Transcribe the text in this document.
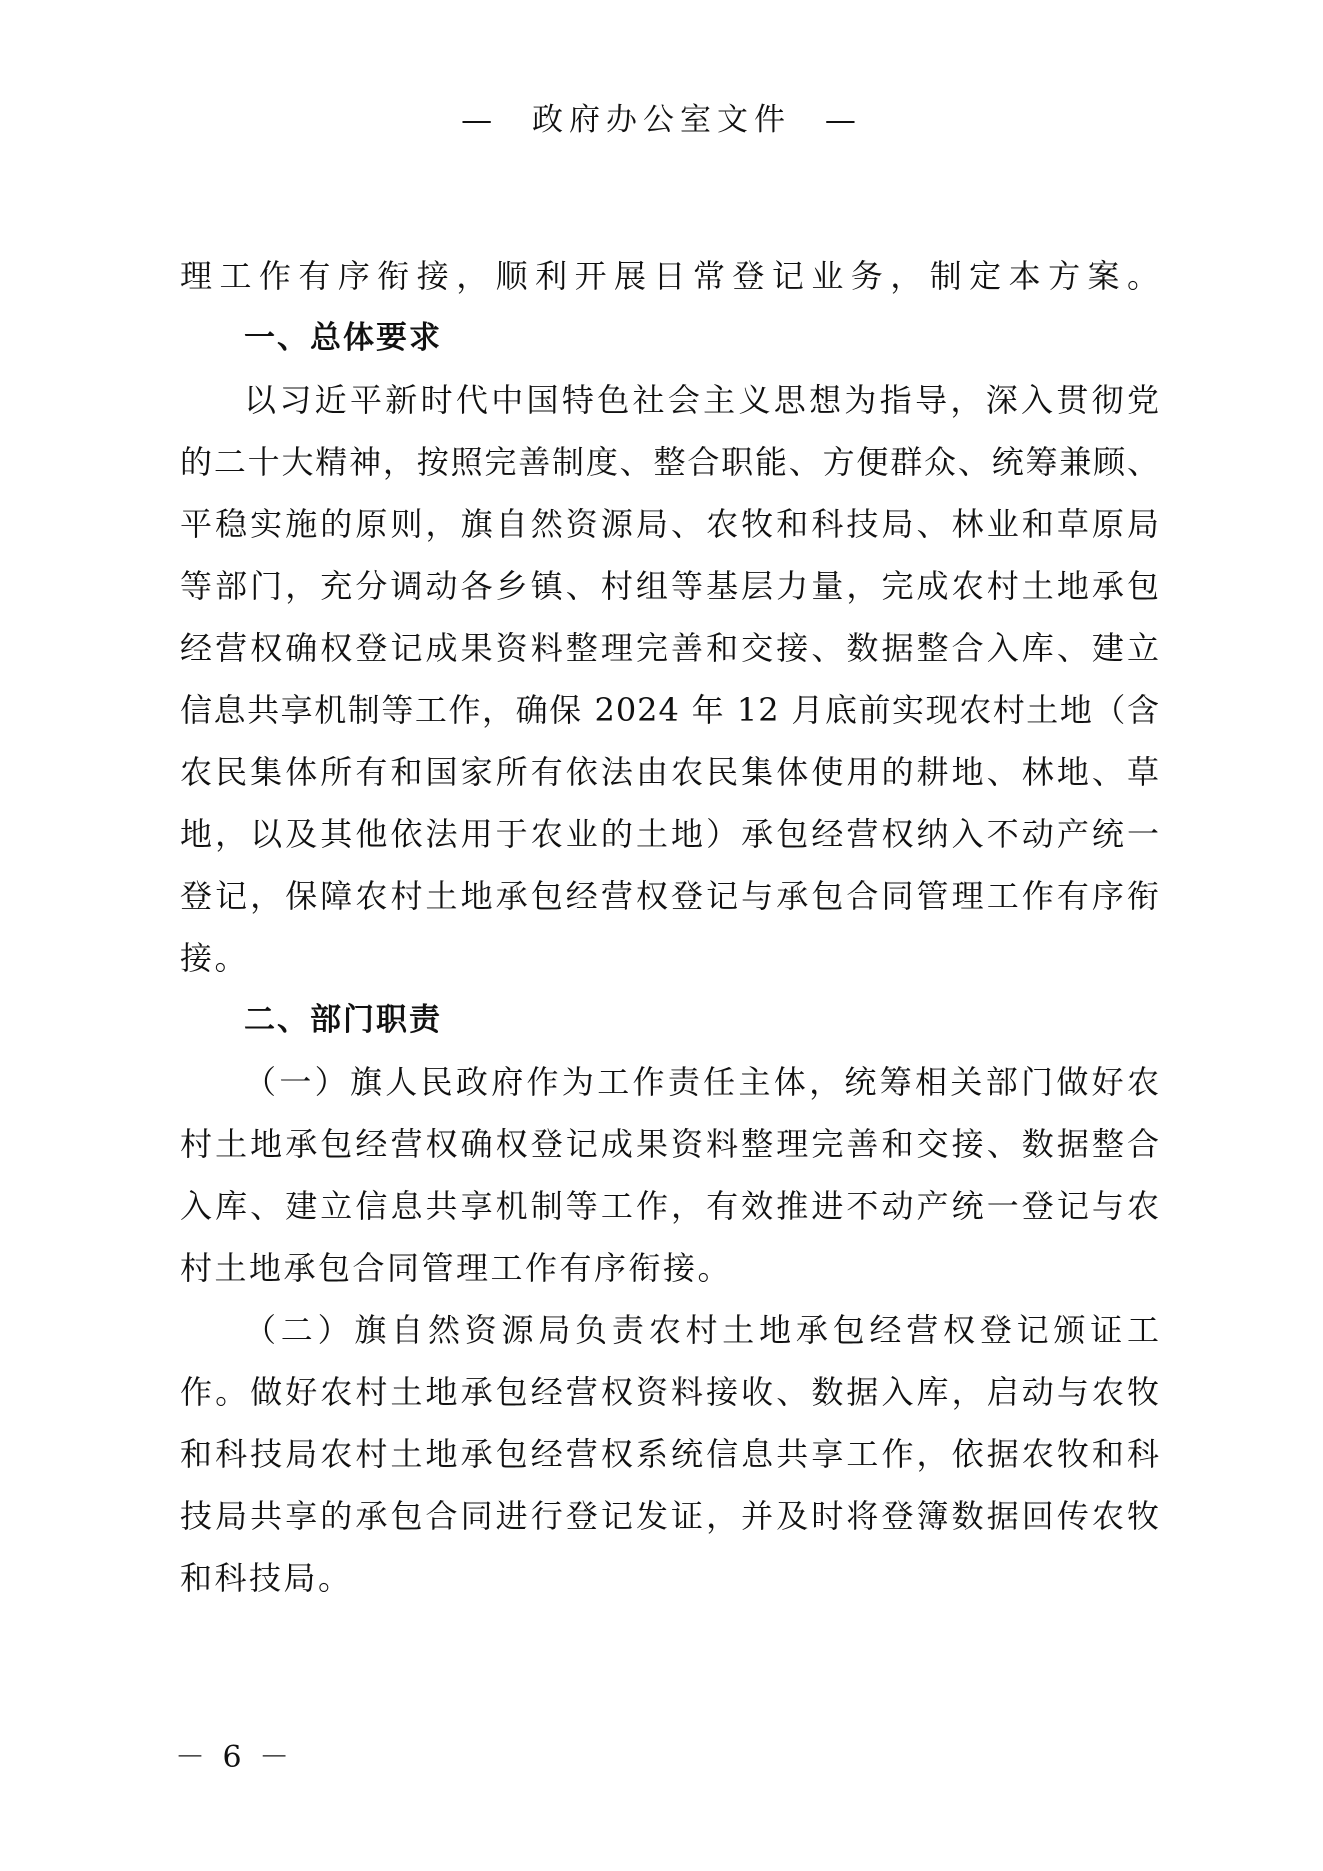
— 政府办公室文件 —
理工作有序衔接，顺利开展日常登记业务，制定本方案。
一、总体要求
以习近平新时代中国特色社会主义思想为指导，深入贯彻党
的二十大精神，按照完善制度、整合职能、方便群众、统筹兼顾、
平稳实施的原则，旗自然资源局、农牧和科技局、林业和草原局
等部门，充分调动各乡镇、村组等基层力量，完成农村土地承包
经营权确权登记成果资料整理完善和交接、数据整合入库、建立
信息共享机制等工作，确保 2024 年 12 月底前实现农村土地（含
农民集体所有和国家所有依法由农民集体使用的耕地、林地、草
地，以及其他依法用于农业的土地）承包经营权纳入不动产统一
登记，保障农村土地承包经营权登记与承包合同管理工作有序衔
接。
二、部门职责
（一）旗人民政府作为工作责任主体，统筹相关部门做好农
村土地承包经营权确权登记成果资料整理完善和交接、数据整合
入库、建立信息共享机制等工作，有效推进不动产统一登记与农
村土地承包合同管理工作有序衔接。
（二）旗自然资源局负责农村土地承包经营权登记颁证工
作。做好农村土地承包经营权资料接收、数据入库，启动与农牧
和科技局农村土地承包经营权系统信息共享工作，依据农牧和科
技局共享的承包合同进行登记发证，并及时将登簿数据回传农牧
和科技局。
－ 6 －
